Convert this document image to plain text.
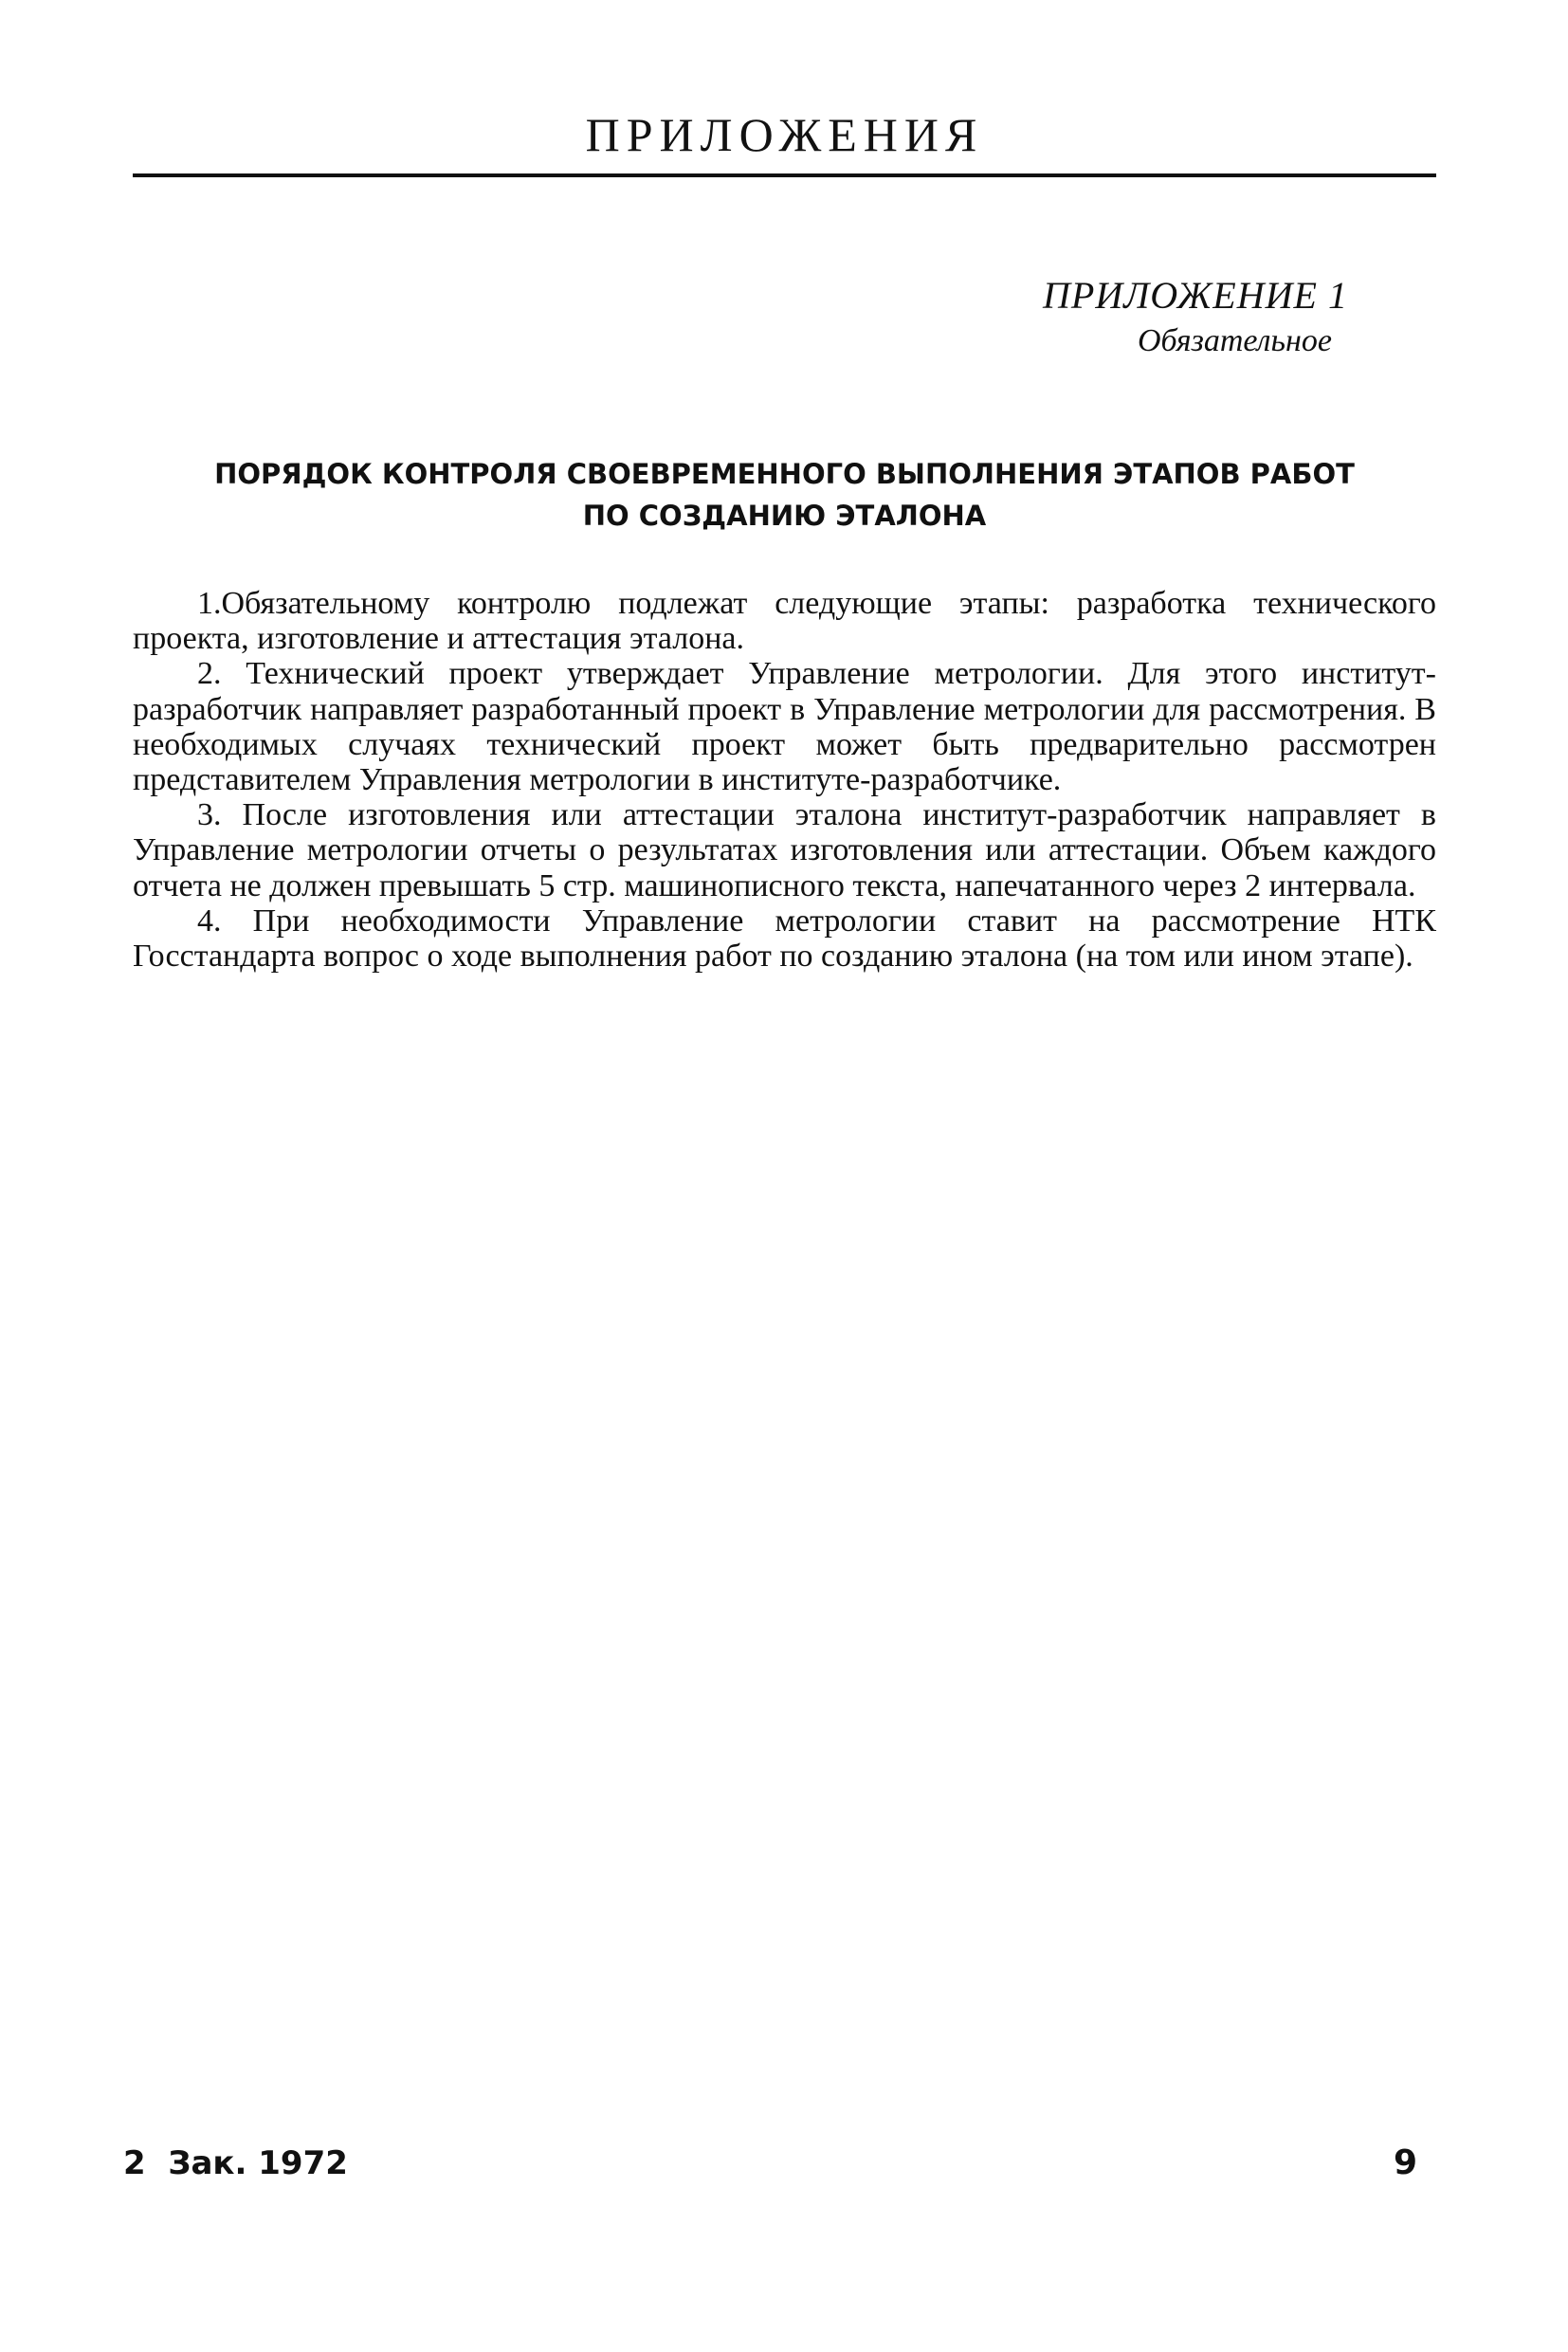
ПРИЛОЖЕНИЯ

ПРИЛОЖЕНИЕ 1

Обязательное

ПОРЯДОК КОНТРОЛЯ СВОЕВРЕМЕННОГО ВЫПОЛНЕНИЯ ЭТАПОВ РАБОТ
ПО СОЗДАНИЮ ЭТАЛОНА

1.Обязательному контролю подлежат следующие этапы: разработка технического проекта, изготовление и аттестация эталона.

2. Технический проект утверждает Управление метрологии. Для этого институт-разработчик направляет разработанный проект в Управление метрологии для рассмотрения. В необходимых случаях технический проект может быть предварительно рассмотрен представителем Управления метрологии в институте-разработчике.

3. После изготовления или аттестации эталона институт-разработчик направляет в Управление метрологии отчеты о результатах изготовления или аттестации. Объем каждого отчета не должен превышать 5 стр. машинописного текста, напечатанного через 2 интервала.

4. При необходимости Управление метрологии ставит на рассмотрение НТК Госстандарта вопрос о ходе выполнения работ по созданию эталона (на том или ином этапе).

2  Зак. 1972	9
